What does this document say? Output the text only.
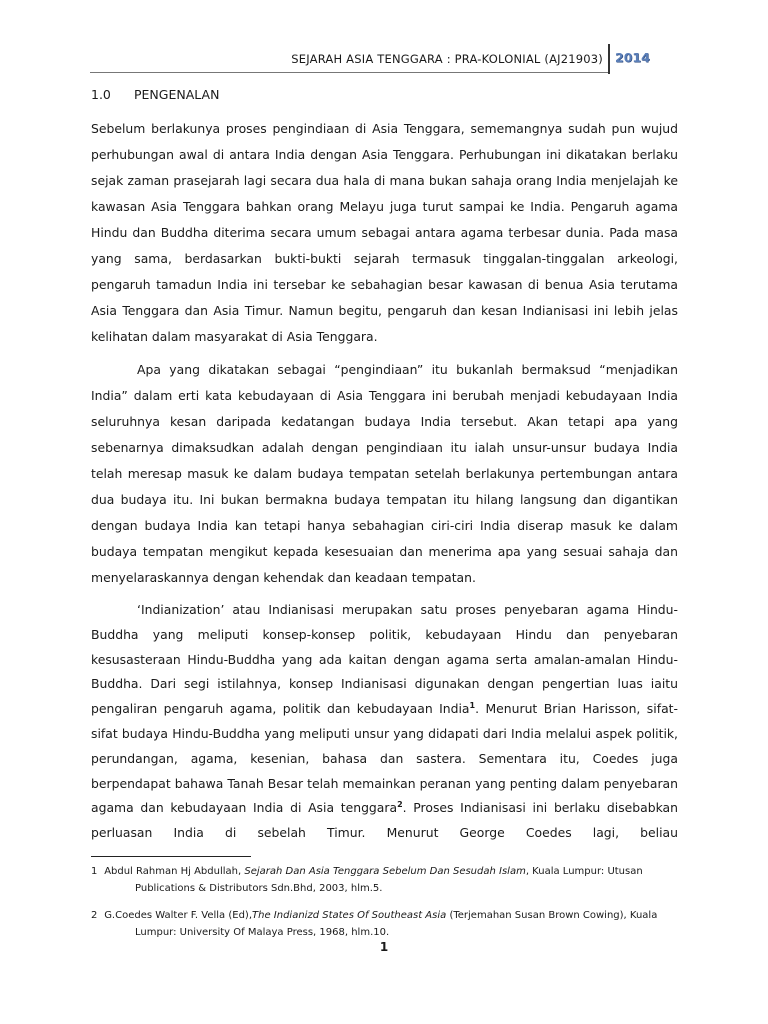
SEJARAH ASIA TENGGARA : PRA-KOLONIAL (AJ21903) 2014
1.0	PENGENALAN

Sebelum berlakunya proses pengindiaan di Asia Tenggara, sememangnya sudah pun wujud perhubungan awal di antara India dengan Asia Tenggara. Perhubungan ini dikatakan berlaku sejak zaman prasejarah lagi secara dua hala di mana bukan sahaja orang India menjelajah ke kawasan Asia Tenggara bahkan orang Melayu juga turut sampai ke India. Pengaruh agama Hindu dan Buddha diterima secara umum sebagai antara agama terbesar dunia. Pada masa yang sama, berdasarkan bukti-bukti sejarah termasuk tinggalan-tinggalan arkeologi, pengaruh tamadun India ini tersebar ke sebahagian besar kawasan di benua Asia terutama Asia Tenggara dan Asia Timur. Namun begitu, pengaruh dan kesan Indianisasi ini lebih jelas kelihatan dalam masyarakat di Asia Tenggara.

Apa yang dikatakan sebagai “pengindiaan” itu bukanlah bermaksud “menjadikan India” dalam erti kata kebudayaan di Asia Tenggara ini berubah menjadi kebudayaan India seluruhnya kesan daripada kedatangan budaya India tersebut. Akan tetapi apa yang sebenarnya dimaksudkan adalah dengan pengindiaan itu ialah unsur-unsur budaya India telah meresap masuk ke dalam budaya tempatan setelah berlakunya pertembungan antara dua budaya itu. Ini bukan bermakna budaya tempatan itu hilang langsung dan digantikan dengan budaya India kan tetapi hanya sebahagian ciri-ciri India diserap masuk ke dalam budaya tempatan mengikut kepada kesesuaian dan menerima apa yang sesuai sahaja dan menyelaraskannya dengan kehendak dan keadaan tempatan.

‘Indianization’ atau Indianisasi merupakan satu proses penyebaran agama Hindu-Buddha yang meliputi konsep-konsep politik, kebudayaan Hindu dan penyebaran kesusasteraan Hindu-Buddha yang ada kaitan dengan agama serta amalan-amalan Hindu-Buddha. Dari segi istilahnya, konsep Indianisasi digunakan dengan pengertian luas iaitu pengaliran pengaruh agama, politik dan kebudayaan India$^1$. Menurut Brian Harisson, sifat-sifat budaya Hindu-Buddha yang meliputi unsur yang didapati dari India melalui aspek politik, perundangan, agama, kesenian, bahasa dan sastera. Sementara itu, Coedes juga berpendapat bahawa Tanah Besar telah memainkan peranan yang penting dalam penyebaran agama dan kebudayaan India di Asia tenggara$^2$. Proses Indianisasi ini berlaku disebabkan perluasan India di sebelah Timur. Menurut George Coedes lagi, beliau

1 Abdul Rahman Hj Abdullah, Sejarah Dan Asia Tenggara Sebelum Dan Sesudah Islam, Kuala Lumpur: Utusan Publications & Distributors Sdn.Bhd, 2003, hlm.5.

2 G.Coedes Walter F. Vella (Ed),The Indianizd States Of Southeast Asia (Terjemahan Susan Brown Cowing), Kuala Lumpur: University Of Malaya Press, 1968, hlm.10.

1
